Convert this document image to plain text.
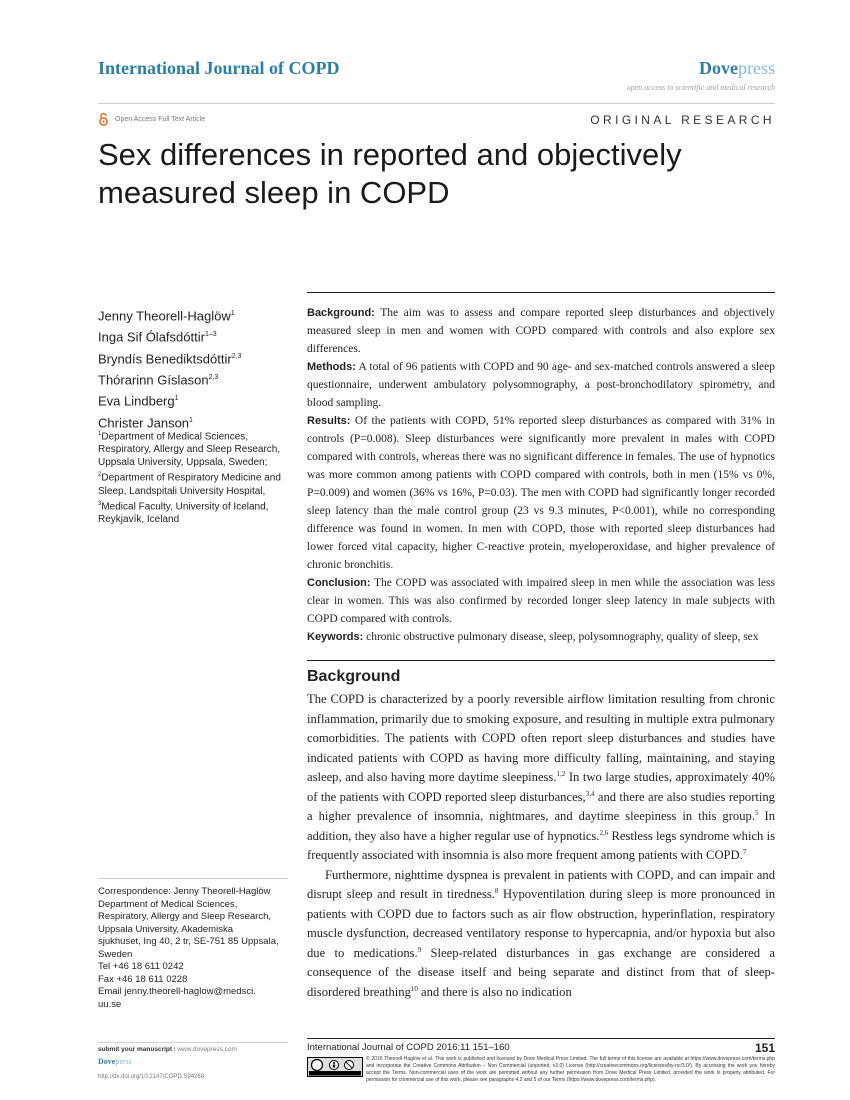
International Journal of COPD	Dovepress
open access to scientific and medical research
Open Access Full Text Article	ORIGINAL RESEARCH
Sex differences in reported and objectively measured sleep in COPD
Jenny Theorell-Haglöw$^1$
Inga Sif Ólafsdóttir$^{1-3}$
Bryndís Benediktsdóttir$^{2,3}$
Thórarinn Gíslason$^{2,3}$
Eva Lindberg$^1$
Christer Janson$^1$
$^1$Department of Medical Sciences, Respiratory, Allergy and Sleep Research, Uppsala University, Uppsala, Sweden; $^2$Department of Respiratory Medicine and Sleep, Landspitali University Hospital, $^3$Medical Faculty, University of Iceland, Reykjavík, Iceland
Correspondence: Jenny Theorell-Haglöw
Department of Medical Sciences,
Respiratory, Allergy and Sleep Research,
Uppsala University, Akademiska
sjukhuset, Ing 40, 2 tr, SE-751 85 Uppsala,
Sweden
Tel +46 18 611 0242
Fax +46 18 611 0228
Email jenny.theorell-haglow@medsci.
uu.se

Background: The aim was to assess and compare reported sleep disturbances and objectively measured sleep in men and women with COPD compared with controls and also explore sex differences.

Methods: A total of 96 patients with COPD and 90 age- and sex-matched controls answered a sleep questionnaire, underwent ambulatory polysomnography, a post-bronchodilatory spirometry, and blood sampling.

Results: Of the patients with COPD, 51% reported sleep disturbances as compared with 31% in controls (P=0.008). Sleep disturbances were significantly more prevalent in males with COPD compared with controls, whereas there was no significant difference in females. The use of hypnotics was more common among patients with COPD compared with controls, both in men (15% vs 0%, P=0.009) and women (36% vs 16%, P=0.03). The men with COPD had significantly longer recorded sleep latency than the male control group (23 vs 9.3 minutes, P<0.001), while no corresponding difference was found in women. In men with COPD, those with reported sleep disturbances had lower forced vital capacity, higher C-reactive protein, myeloperoxidase, and higher prevalence of chronic bronchitis.

Conclusion: The COPD was associated with impaired sleep in men while the association was less clear in women. This was also confirmed by recorded longer sleep latency in male subjects with COPD compared with controls.

Keywords: chronic obstructive pulmonary disease, sleep, polysomnography, quality of sleep, sex

Background

The COPD is characterized by a poorly reversible airflow limitation resulting from chronic inflammation, primarily due to smoking exposure, and resulting in multiple extra pulmonary comorbidities. The patients with COPD often report sleep disturbances and studies have indicated patients with COPD as having more difficulty falling, maintaining, and staying asleep, and also having more daytime sleepiness.$^{1,2}$ In two large studies, approximately 40% of the patients with COPD reported sleep disturbances,$^{3,4}$ and there are also studies reporting a higher prevalence of insomnia, nightmares, and daytime sleepiness in this group.$^5$ In addition, they also have a higher regular use of hypnotics.$^{2,6}$ Restless legs syndrome which is frequently associated with insomnia is also more frequent among patients with COPD.$^7$

Furthermore, nighttime dyspnea is prevalent in patients with COPD, and can impair and disrupt sleep and result in tiredness.$^8$ Hypoventilation during sleep is more pronounced in patients with COPD due to factors such as air flow obstruction, hyperinflation, respiratory muscle dysfunction, decreased ventilatory response to hypercapnia, and/or hypoxia but also due to medications.$^9$ Sleep-related disturbances in gas exchange are considered a consequence of the disease itself and being separate and distinct from that of sleep-disordered breathing$^{10}$ and there is also no indication

submit your manuscript | www.dovepress.com
Dovepress
http://dx.doi.org/10.2147/COPD.S94268
International Journal of COPD 2016:11 151–160	151
© 2016 Theorell-Haglöw et al. This work is published and licensed by Dove Medical Press Limited. The full terms of this license are available at https://www.dovepress.com/terms.php and incorporate the Creative Commons Attribution – Non Commercial (unported, v3.0) License (http://creativecommons.org/licenses/by-nc/3.0/). By accessing the work you hereby accept the Terms. Non-commercial uses of the work are permitted without any further permission from Dove Medical Press Limited, provided the work is properly attributed. For permission for commercial use of this work, please see paragraphs 4.2 and 5 of our Terms (https://www.dovepress.com/terms.php).
